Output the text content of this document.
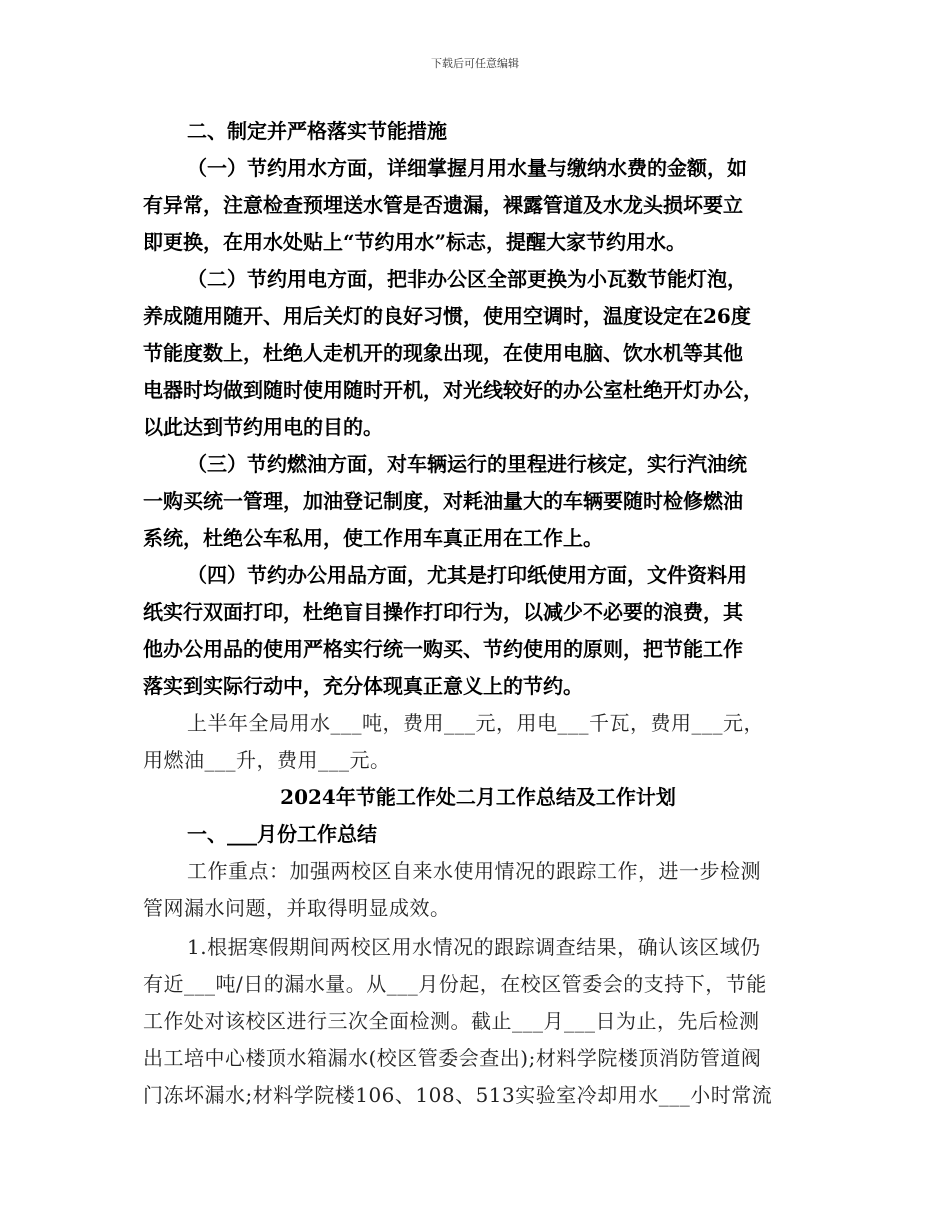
下载后可任意编辑
二、制定并严格落实节能措施
（一）节约用水方面，详细掌握月用水量与缴纳水费的金额，如
有异常，注意检查预埋送水管是否遗漏，裸露管道及水龙头损坏要立
即更换，在用水处贴上“节约用水”标志，提醒大家节约用水。
（二）节约用电方面，把非办公区全部更换为小瓦数节能灯泡，
养成随用随开、用后关灯的良好习惯，使用空调时，温度设定在26度
节能度数上，杜绝人走机开的现象出现，在使用电脑、饮水机等其他
电器时均做到随时使用随时开机，对光线较好的办公室杜绝开灯办公，
以此达到节约用电的目的。
（三）节约燃油方面，对车辆运行的里程进行核定，实行汽油统
一购买统一管理，加油登记制度，对耗油量大的车辆要随时检修燃油
系统，杜绝公车私用，使工作用车真正用在工作上。
（四）节约办公用品方面，尤其是打印纸使用方面，文件资料用
纸实行双面打印，杜绝盲目操作打印行为，以减少不必要的浪费，其
他办公用品的使用严格实行统一购买、节约使用的原则，把节能工作
落实到实际行动中，充分体现真正意义上的节约。
上半年全局用水___吨，费用___元，用电___千瓦，费用___元，
用燃油___升，费用___元。
2024年节能工作处二月工作总结及工作计划
一、___月份工作总结
工作重点：加强两校区自来水使用情况的跟踪工作，进一步检测
管网漏水问题，并取得明显成效。
1.根据寒假期间两校区用水情况的跟踪调查结果，确认该区域仍
有近___吨/日的漏水量。从___月份起，在校区管委会的支持下，节能
工作处对该校区进行三次全面检测。截止___月___日为止，先后检测
出工培中心楼顶水箱漏水(校区管委会查出);材料学院楼顶消防管道阀
门冻坏漏水;材料学院楼106、108、513实验室冷却用水___小时常流
